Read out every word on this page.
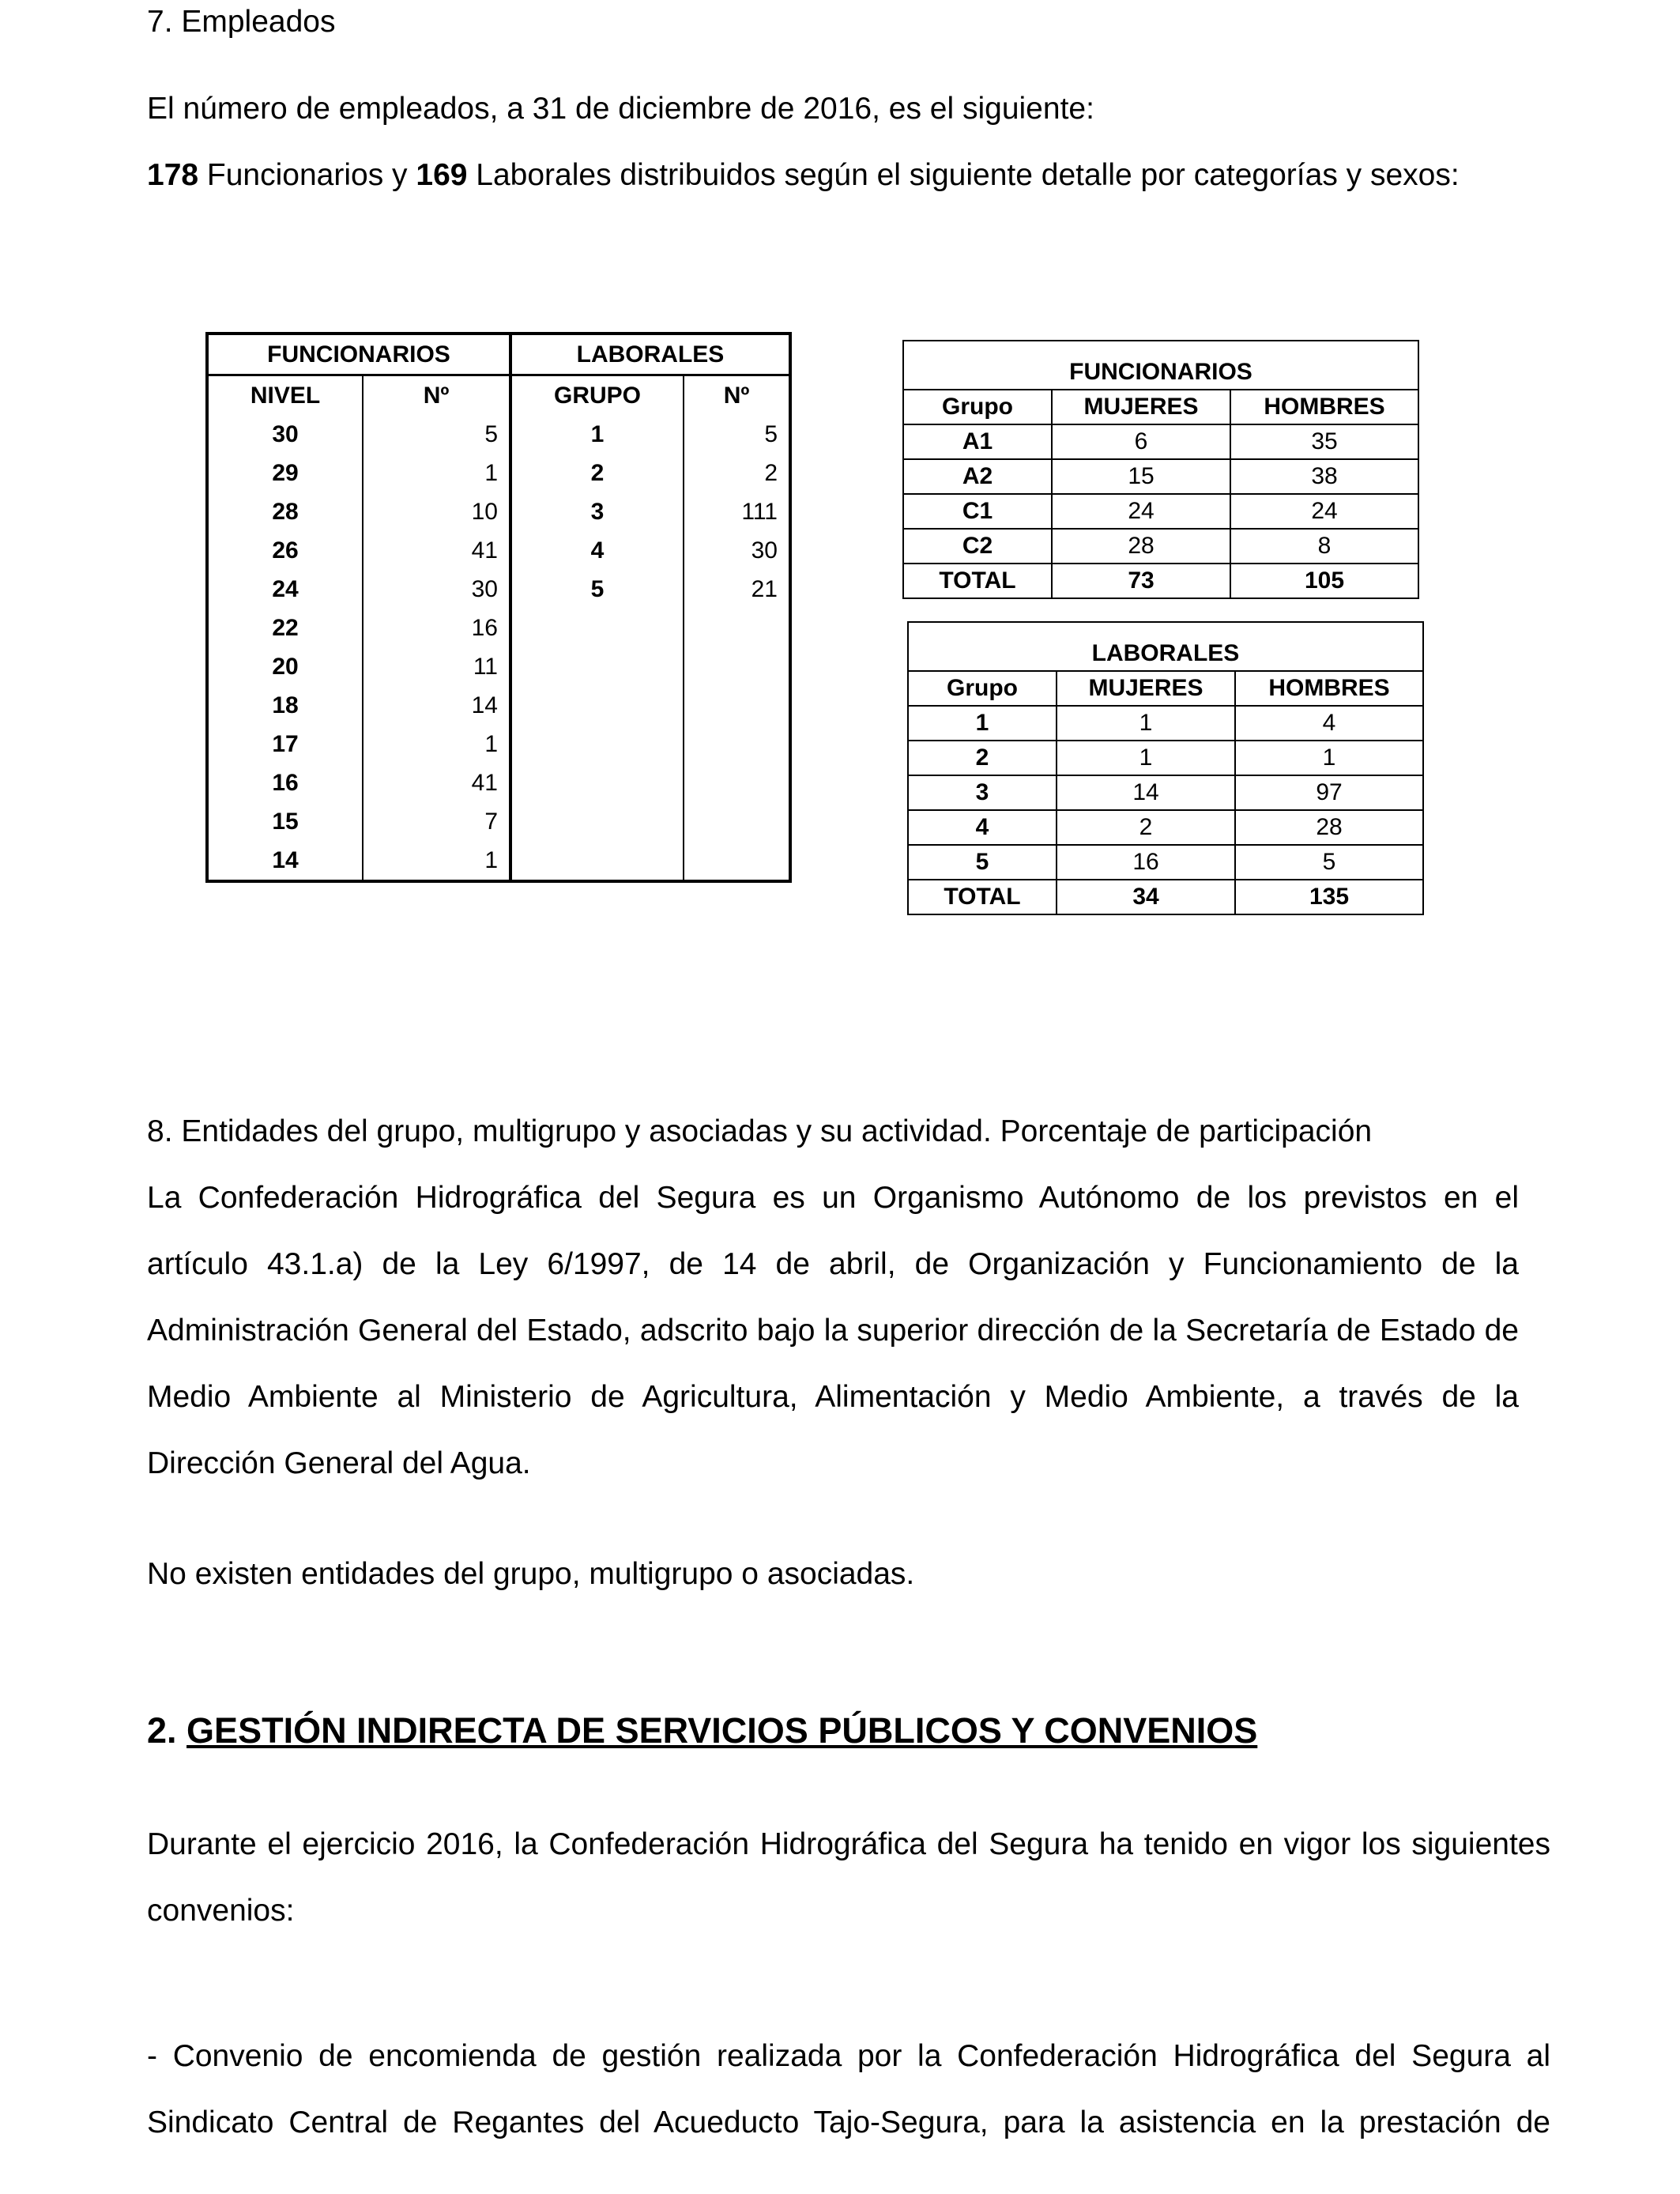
7. Empleados

El número de empleados, a 31 de diciembre de 2016, es el siguiente:

178 Funcionarios y 169 Laborales distribuidos según el siguiente detalle por categorías y sexos:

FUNCIONARIOS		LABORALES	
NIVEL	Nº	GRUPO	Nº
30	5	1	5
29	1	2	2
28	10	3	111
26	41	4	30
24	30	5	21
22	16		
20	11		
18	14		
17	1		
16	41		
15	7		
14	1		
FUNCIONARIOS		
Grupo	MUJERES	HOMBRES
A1	6	35
A2	15	38
C1	24	24
C2	28	8
TOTAL	73	105
LABORALES		
Grupo	MUJERES	HOMBRES
1	1	4
2	1	1
3	14	97
4	2	28
5	16	5
TOTAL	34	135

8. Entidades del grupo, multigrupo y asociadas y su actividad. Porcentaje de participación

La Confederación Hidrográfica del Segura es un Organismo Autónomo de los previstos en el artículo 43.1.a) de la Ley 6/1997, de 14 de abril, de Organización y Funcionamiento de la Administración General del Estado, adscrito bajo la superior dirección de la Secretaría de Estado de Medio Ambiente al Ministerio de Agricultura, Alimentación y Medio Ambiente, a través de la Dirección General del Agua.

No existen entidades del grupo, multigrupo o asociadas.

2. GESTIÓN INDIRECTA DE SERVICIOS PÚBLICOS Y CONVENIOS

Durante el ejercicio 2016, la Confederación Hidrográfica del Segura ha tenido en vigor los siguientes convenios:

- Convenio de encomienda de gestión realizada por la Confederación Hidrográfica del Segura al Sindicato Central de Regantes del Acueducto Tajo-Segura, para la asistencia en la prestación de
